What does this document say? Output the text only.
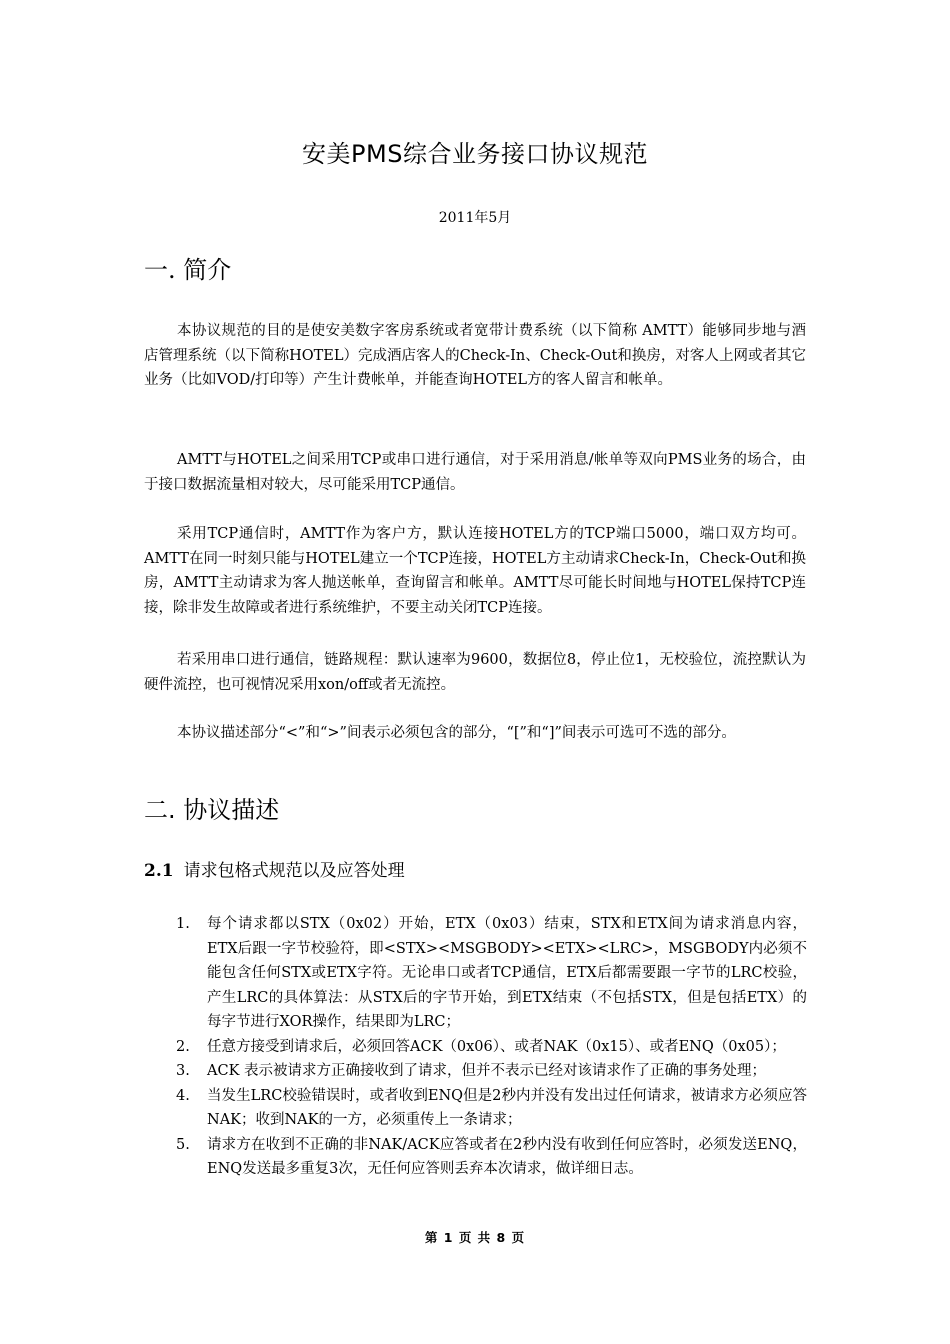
安美PMS综合业务接口协议规范
2011年5月
一. 简介
本协议规范的目的是使安美数字客房系统或者宽带计费系统（以下简称 AMTT）能够同步地与酒店管理系统（以下简称HOTEL）完成酒店客人的Check-In、Check-Out和换房，对客人上网或者其它业务（比如VOD/打印等）产生计费帐单，并能查询HOTEL方的客人留言和帐单。
AMTT与HOTEL之间采用TCP或串口进行通信，对于采用消息/帐单等双向PMS业务的场合，由于接口数据流量相对较大，尽可能采用TCP通信。
采用TCP通信时，AMTT作为客户方，默认连接HOTEL方的TCP端口5000，端口双方均可。AMTT在同一时刻只能与HOTEL建立一个TCP连接，HOTEL方主动请求Check-In，Check-Out和换房，AMTT主动请求为客人抛送帐单，查询留言和帐单。AMTT尽可能长时间地与HOTEL保持TCP连接，除非发生故障或者进行系统维护，不要主动关闭TCP连接。
若采用串口进行通信，链路规程：默认速率为9600，数据位8，停止位1，无校验位，流控默认为硬件流控，也可视情况采用xon/off或者无流控。
本协议描述部分“<”和“>”间表示必须包含的部分，“[”和“]”间表示可选可不选的部分。
二. 协议描述
2.1 请求包格式规范以及应答处理
1. 每个请求都以STX（0x02）开始，ETX（0x03）结束，STX和ETX间为请求消息内容，ETX后跟一字节校验符，即<STX><MSGBODY><ETX><LRC>，MSGBODY内必须不能包含任何STX或ETX字符。无论串口或者TCP通信，ETX后都需要跟一字节的LRC校验，产生LRC的具体算法：从STX后的字节开始，到ETX结束（不包括STX，但是包括ETX）的每字节进行XOR操作，结果即为LRC；
2. 任意方接受到请求后，必须回答ACK（0x06）、或者NAK（0x15）、或者ENQ（0x05）；
3. ACK 表示被请求方正确接收到了请求，但并不表示已经对该请求作了正确的事务处理；
4. 当发生LRC校验错误时，或者收到ENQ但是2秒内并没有发出过任何请求，被请求方必须应答NAK；收到NAK的一方，必须重传上一条请求；
5. 请求方在收到不正确的非NAK/ACK应答或者在2秒内没有收到任何应答时，必须发送ENQ，ENQ发送最多重复3次，无任何应答则丢弃本次请求，做详细日志。
第 1 页 共 8 页
